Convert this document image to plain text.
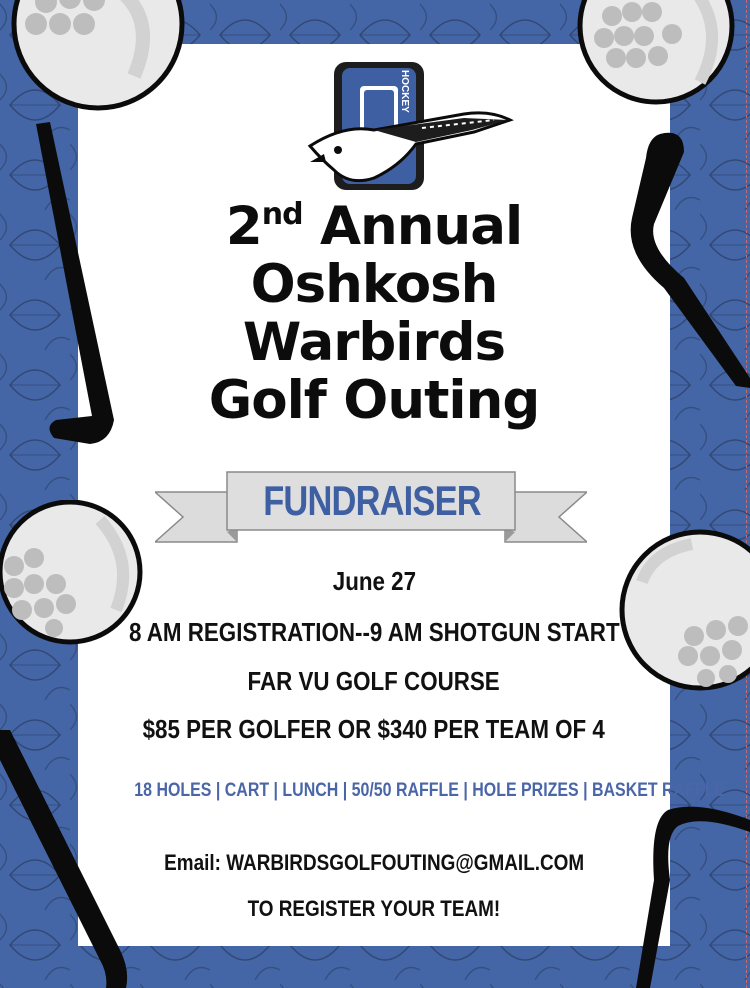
HOCKEY
2nd Annual
Oshkosh
Warbirds
Golf Outing
FUNDRAISER
June 27
8 AM REGISTRATION--9 AM SHOTGUN START
FAR VU GOLF COURSE
$85 PER GOLFER OR $340 PER TEAM OF 4
18 HOLES | CART | LUNCH | 50/50 RAFFLE | HOLE PRIZES | BASKET RAFFLE
Email: WARBIRDSGOLFOUTING@GMAIL.COM
TO REGISTER YOUR TEAM!
